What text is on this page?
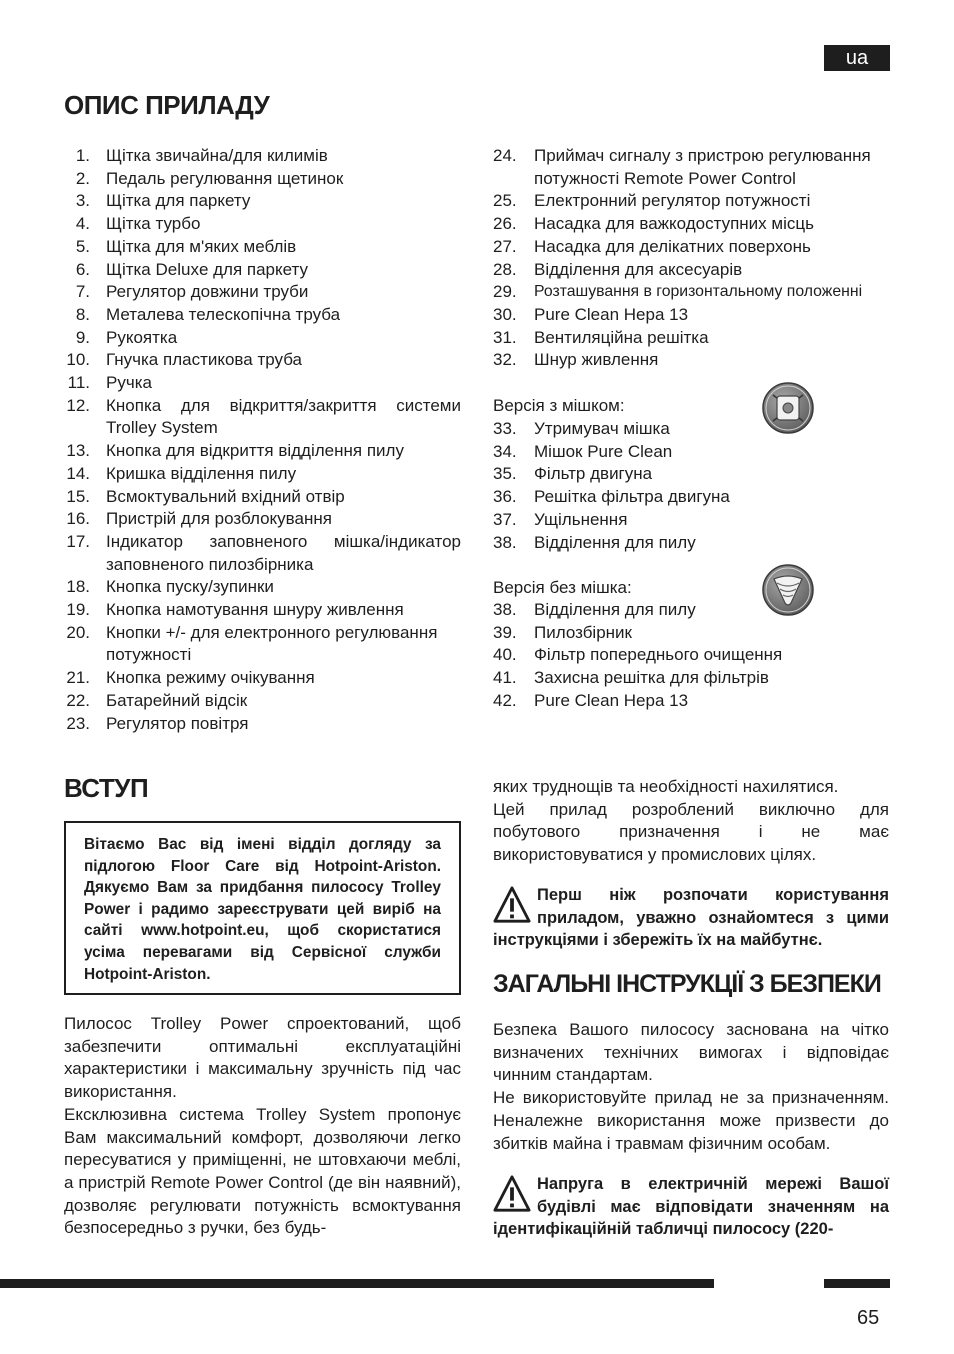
ua
ОПИС ПРИЛАДУ
1. Щітка звичайна/для килимів
2. Педаль регулювання щетинок
3. Щітка для паркету
4. Щітка турбо
5. Щітка для м'яких меблів
6. Щітка Deluxe для паркету
7. Регулятор довжини труби
8. Металева телескопічна труба
9. Рукоятка
10. Гнучка пластикова труба
11. Ручка
12. Кнопка для відкриття/закриття системи Trolley System
13. Кнопка для відкриття відділення пилу
14. Кришка відділення пилу
15. Всмоктувальний вхідний отвір
16. Пристрій для розблокування
17. Індикатор заповненого мішка/індикатор заповненого пилозбірника
18. Кнопка пуску/зупинки
19. Кнопка намотування шнуру живлення
20. Кнопки +/- для електронного регулювання потужності
21. Кнопка режиму очікування
22. Батарейний відсік
23. Регулятор повітря
24. Приймач сигналу з пристрою регулювання потужності Remote Power Control
25. Електронний регулятор потужності
26. Насадка для важкодоступних місць
27. Насадка для делікатних поверхонь
28. Відділення для аксесуарів
29. Розташування в горизонтальному положенні
30. Pure Clean Hepa 13
31. Вентиляційна решітка
32. Шнур живлення
Версія з мішком:
33. Утримувач мішка
34. Мішок Pure Clean
35. Фільтр двигуна
36. Решітка фільтра двигуна
37. Ущільнення
38. Відділення для пилу
Версія без мішка:
38. Відділення для пилу
39. Пилозбірник
40. Фільтр попереднього очищення
41. Захисна решітка для фільтрів
42. Pure Clean Hepa 13
ВСТУП
Вітаємо Вас від імені відділ догляду за підлогою Floor Care від Hotpoint-Ariston. Дякуємо Вам за придбання пилососу Trolley Power і радимо зареєструвати цей виріб на сайті www.hotpoint.eu, щоб скористатися усіма перевагами від Сервісної служби Hotpoint-Ariston.

Пилосос Trolley Power спроектований, щоб забезпечити оптимальні експлуатаційні характеристики і максимальну зручність під час використання.

Ексклюзивна система Trolley System пропонує Вам максимальний комфорт, дозволяючи легко пересуватися у приміщенні, не штовхаючи меблі, а пристрій Remote Power Control (де він наявний), дозволяє регулювати потужність всмоктування безпосередньо з ручки, без будь-

яких труднощів та необхідності нахилятися.

Цей прилад розроблений виключно для побутового призначення і не має використовуватися у промислових цілях.

Перш ніж розпочати користування приладом, уважно ознайомтеся з цими інструкціями і збережіть їх на майбутнє.
ЗАГАЛЬНІ ІНСТРУКЦІЇ З БЕЗПЕКИ

Безпека Вашого пилососу заснована на чітко визначених технічних вимогах і відповідає чинним стандартам.

Не використовуйте прилад не за призначенням. Неналежне використання може призвести до збитків майна і травмам фізичним особам.

Напруга в електричній мережі Вашої будівлі має відповідати значенням на ідентифікаційній табличці пилососу (220-
65
